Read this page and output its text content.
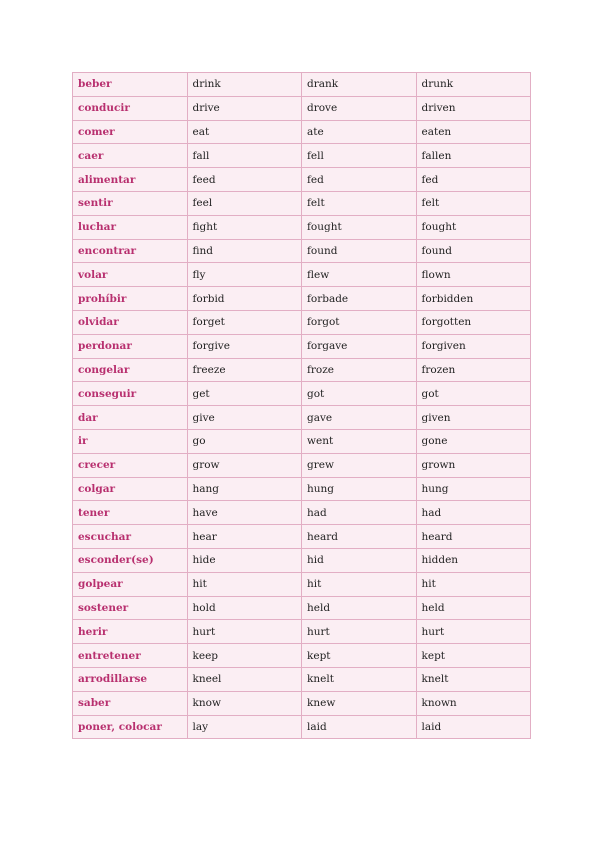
beber	drink	drank	drunk
conducir	drive	drove	driven
comer	eat	ate	eaten
caer	fall	fell	fallen
alimentar	feed	fed	fed
sentir	feel	felt	felt
luchar	fight	fought	fought
encontrar	find	found	found
volar	fly	flew	flown
prohíbir	forbid	forbade	forbidden
olvidar	forget	forgot	forgotten
perdonar	forgive	forgave	forgiven
congelar	freeze	froze	frozen
conseguir	get	got	got
dar	give	gave	given
ir	go	went	gone
crecer	grow	grew	grown
colgar	hang	hung	hung
tener	have	had	had
escuchar	hear	heard	heard
esconder(se)	hide	hid	hidden
golpear	hit	hit	hit
sostener	hold	held	held
herir	hurt	hurt	hurt
entretener	keep	kept	kept
arrodillarse	kneel	knelt	knelt
saber	know	knew	known
poner, colocar	lay	laid	laid
